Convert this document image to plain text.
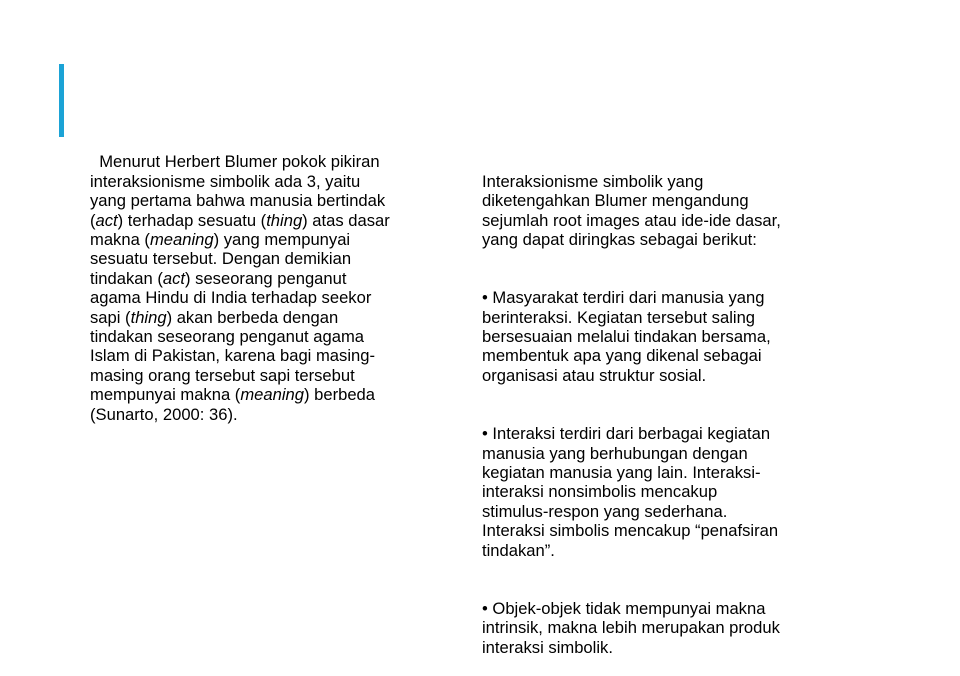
Menurut Herbert Blumer pokok pikiran
interaksionisme simbolik ada 3, yaitu
yang pertama bahwa manusia bertindak
(act) terhadap sesuatu (thing) atas dasar
makna (meaning) yang mempunyai
sesuatu tersebut. Dengan demikian
tindakan (act) seseorang penganut
agama Hindu di India terhadap seekor
sapi (thing) akan berbeda dengan
tindakan seseorang penganut agama
Islam di Pakistan, karena bagi masing-
masing orang tersebut sapi tersebut
mempunyai makna (meaning) berbeda
(Sunarto, 2000: 36).

Interaksionisme simbolik yang
diketengahkan Blumer mengandung
sejumlah root images atau ide-ide dasar,
yang dapat diringkas sebagai berikut:

• Masyarakat terdiri dari manusia yang
berinteraksi. Kegiatan tersebut saling
bersesuaian melalui tindakan bersama,
membentuk apa yang dikenal sebagai
organisasi atau struktur sosial.

• Interaksi terdiri dari berbagai kegiatan
manusia yang berhubungan dengan
kegiatan manusia yang lain. Interaksi-
interaksi nonsimbolis mencakup
stimulus-respon yang sederhana.
Interaksi simbolis mencakup “penafsiran
tindakan”.

• Objek-objek tidak mempunyai makna
intrinsik, makna lebih merupakan produk
interaksi simbolik.
